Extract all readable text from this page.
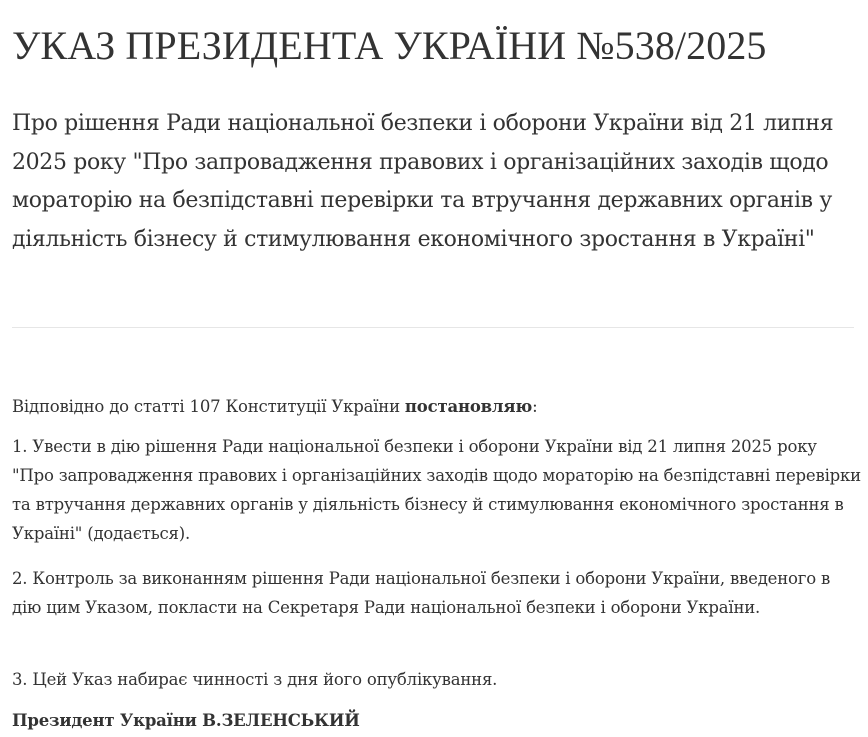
УКАЗ ПРЕЗИДЕНТА УКРАЇНИ №538/2025
Про рішення Ради національної безпеки і оборони України від 21 липня 2025 року "Про запровадження правових і організаційних заходів щодо мораторію на безпідставні перевірки та втручання державних органів у діяльність бізнесу й стимулювання економічного зростання в Україні"

Відповідно до статті 107 Конституції України постановляю:

1. Увести в дію рішення Ради національної безпеки і оборони України від 21 липня 2025 року "Про запровадження правових і організаційних заходів щодо мораторію на безпідставні перевірки та втручання державних органів у діяльність бізнесу й стимулювання економічного зростання в Україні" (додається).

2. Контроль за виконанням рішення Ради національної безпеки і оборони України, введеного в дію цим Указом, покласти на Секретаря Ради національної безпеки і оборони України.

3. Цей Указ набирає чинності з дня його опублікування.

Президент України В.ЗЕЛЕНСЬКИЙ
